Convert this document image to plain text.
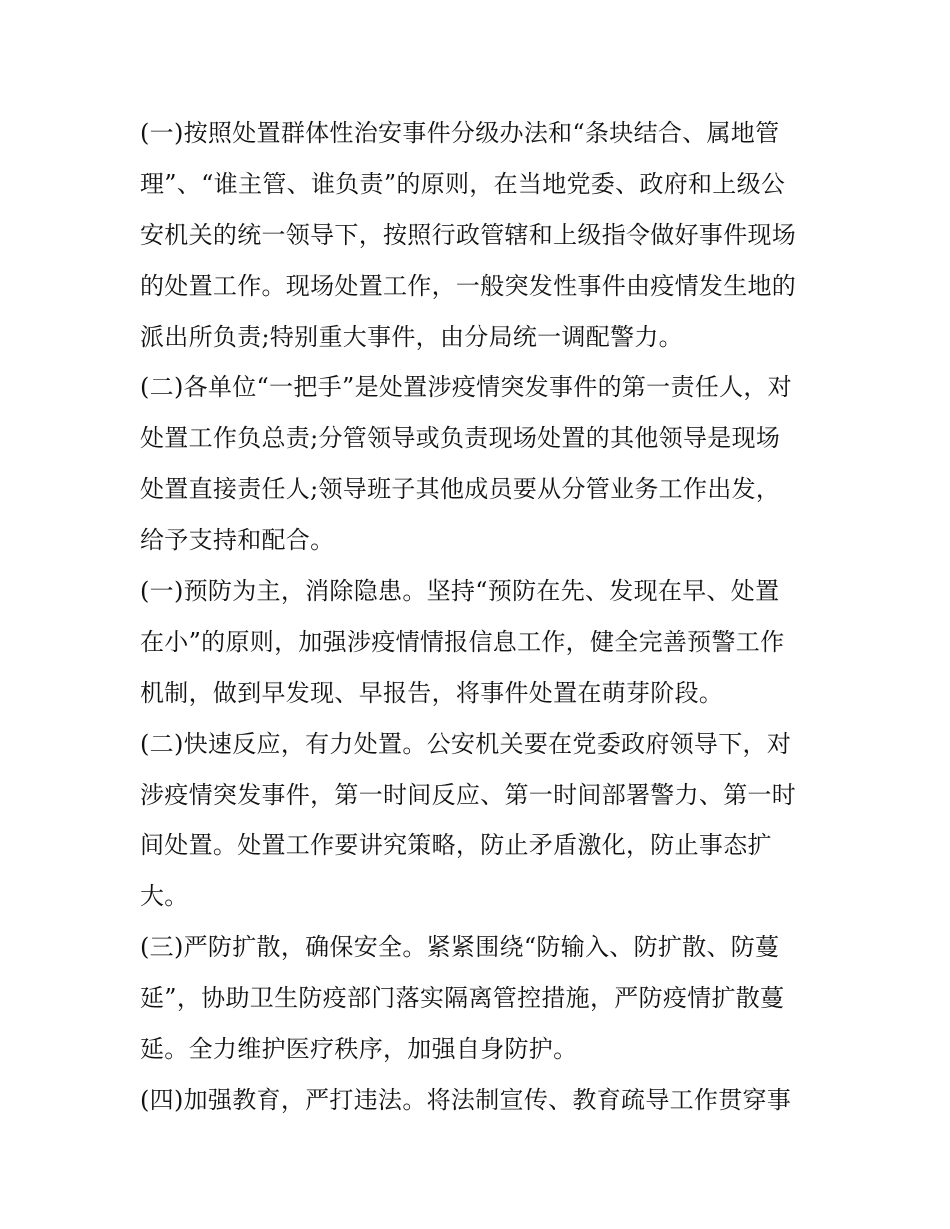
(一)按照处置群体性治安事件分级办法和“条块结合、属地管
理”、“谁主管、谁负责”的原则，在当地党委、政府和上级公
安机关的统一领导下，按照行政管辖和上级指令做好事件现场
的处置工作。现场处置工作，一般突发性事件由疫情发生地的
派出所负责;特别重大事件，由分局统一调配警力。
(二)各单位“一把手”是处置涉疫情突发事件的第一责任人，对
处置工作负总责;分管领导或负责现场处置的其他领导是现场
处置直接责任人;领导班子其他成员要从分管业务工作出发，
给予支持和配合。
(一)预防为主，消除隐患。坚持“预防在先、发现在早、处置
在小”的原则，加强涉疫情情报信息工作，健全完善预警工作
机制，做到早发现、早报告，将事件处置在萌芽阶段。
(二)快速反应，有力处置。公安机关要在党委政府领导下，对
涉疫情突发事件，第一时间反应、第一时间部署警力、第一时
间处置。处置工作要讲究策略，防止矛盾激化，防止事态扩
大。
(三)严防扩散，确保安全。紧紧围绕“防输入、防扩散、防蔓
延”，协助卫生防疫部门落实隔离管控措施，严防疫情扩散蔓
延。全力维护医疗秩序，加强自身防护。
(四)加强教育，严打违法。将法制宣传、教育疏导工作贯穿事
